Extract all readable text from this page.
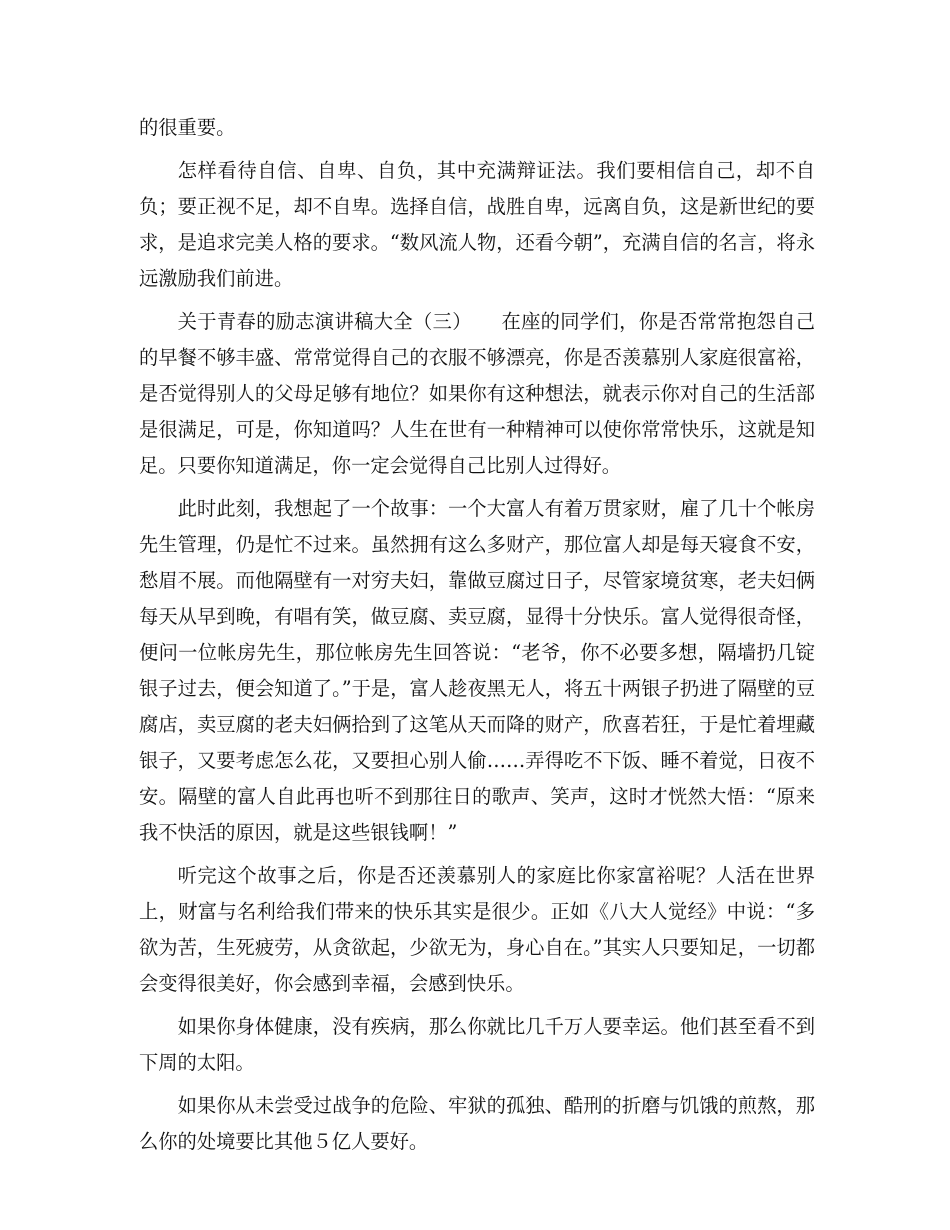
的很重要。

怎样看待自信、自卑、自负，其中充满辩证法。我们要相信自己，却不自负；要正视不足，却不自卑。选择自信，战胜自卑，远离自负，这是新世纪的要求，是追求完美人格的要求。“数风流人物，还看今朝”，充满自信的名言，将永远激励我们前进。

关于青春的励志演讲稿大全（三）　　在座的同学们，你是否常常抱怨自己的早餐不够丰盛、常常觉得自己的衣服不够漂亮，你是否羡慕别人家庭很富裕，是否觉得别人的父母足够有地位？如果你有这种想法，就表示你对自己的生活部是很满足，可是，你知道吗？人生在世有一种精神可以使你常常快乐，这就是知足。只要你知道满足，你一定会觉得自己比别人过得好。

此时此刻，我想起了一个故事：一个大富人有着万贯家财，雇了几十个帐房先生管理，仍是忙不过来。虽然拥有这么多财产，那位富人却是每天寝食不安，愁眉不展。而他隔壁有一对穷夫妇，靠做豆腐过日子，尽管家境贫寒，老夫妇俩每天从早到晚，有唱有笑，做豆腐、卖豆腐，显得十分快乐。富人觉得很奇怪，便问一位帐房先生，那位帐房先生回答说：“老爷，你不必要多想，隔墙扔几锭银子过去，便会知道了。”于是，富人趁夜黑无人，将五十两银子扔进了隔壁的豆腐店，卖豆腐的老夫妇俩拾到了这笔从天而降的财产，欣喜若狂，于是忙着埋藏银子，又要考虑怎么花，又要担心别人偷……弄得吃不下饭、睡不着觉，日夜不安。隔壁的富人自此再也听不到那往日的歌声、笑声，这时才恍然大悟：“原来我不快活的原因，就是这些银钱啊！”

听完这个故事之后，你是否还羡慕别人的家庭比你家富裕呢？人活在世界上，财富与名利给我们带来的快乐其实是很少。正如《八大人觉经》中说：“多欲为苦，生死疲劳，从贪欲起，少欲无为，身心自在。”其实人只要知足，一切都会变得很美好，你会感到幸福，会感到快乐。

如果你身体健康，没有疾病，那么你就比几千万人要幸运。他们甚至看不到下周的太阳。

如果你从未尝受过战争的危险、牢狱的孤独、酷刑的折磨与饥饿的煎熬，那么你的处境要比其他５亿人要好。
